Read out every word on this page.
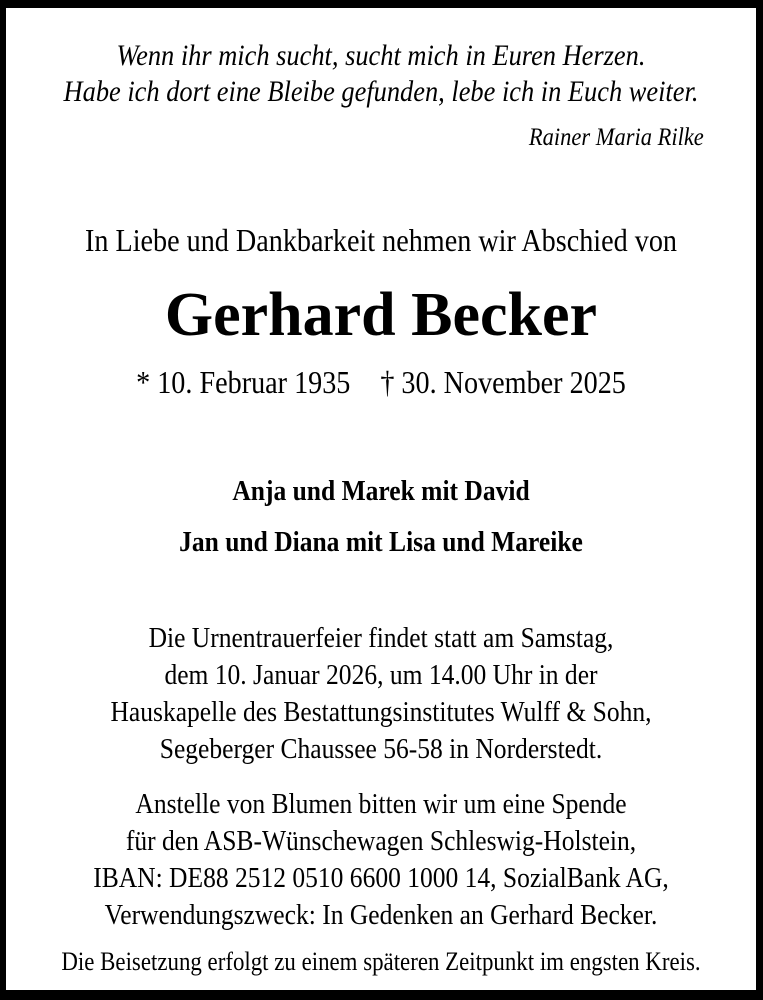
Wenn ihr mich sucht, sucht mich in Euren Herzen.
Habe ich dort eine Bleibe gefunden, lebe ich in Euch weiter.
Rainer Maria Rilke
In Liebe und Dankbarkeit nehmen wir Abschied von
Gerhard Becker
* 10. Februar 1935 † 30. November 2025
Anja und Marek mit David
Jan und Diana mit Lisa und Mareike
Die Urnentrauerfeier findet statt am Samstag,
dem 10. Januar 2026, um 14.00 Uhr in der
Hauskapelle des Bestattungsinstitutes Wulff & Sohn,
Segeberger Chaussee 56-58 in Norderstedt.
Anstelle von Blumen bitten wir um eine Spende
für den ASB-Wünschewagen Schleswig-Holstein,
IBAN: DE88 2512 0510 6600 1000 14, SozialBank AG,
Verwendungszweck: In Gedenken an Gerhard Becker.
Die Beisetzung erfolgt zu einem späteren Zeitpunkt im engsten Kreis.
